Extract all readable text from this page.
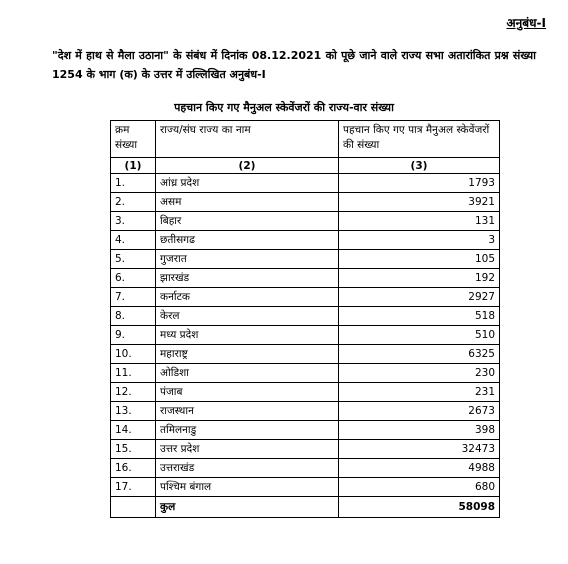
अनुबंध-I
"देश में हाथ से मैला उठाना" के संबंध में दिनांक 08.12.2021 को पूछे जाने वाले राज्य सभा अतारांकित प्रश्न संख्या 1254 के भाग (क) के उत्तर में उल्लिखित अनुबंध-I
पहचान किए गए मैनुअल स्केवेंजरों की राज्य-वार संख्या
क्रम संख्या	राज्य/संघ राज्य का नाम	पहचान किए गए पात्र मैनुअल स्केवेंजरों की संख्या
(1)	(2)	(3)
1.	आंध्र प्रदेश	1793
2.	असम	3921
3.	बिहार	131
4.	छतीसगढ	3
5.	गुजरात	105
6.	झारखंड	192
7.	कर्नाटक	2927
8.	केरल	518
9.	मध्य प्रदेश	510
10.	महाराष्ट्र	6325
11.	ओडिशा	230
12.	पंजाब	231
13.	राजस्थान	2673
14.	तमिलनाडु	398
15.	उत्तर प्रदेश	32473
16.	उत्तराखंड	4988
17.	पश्चिम बंगाल	680
	कुल	58098
